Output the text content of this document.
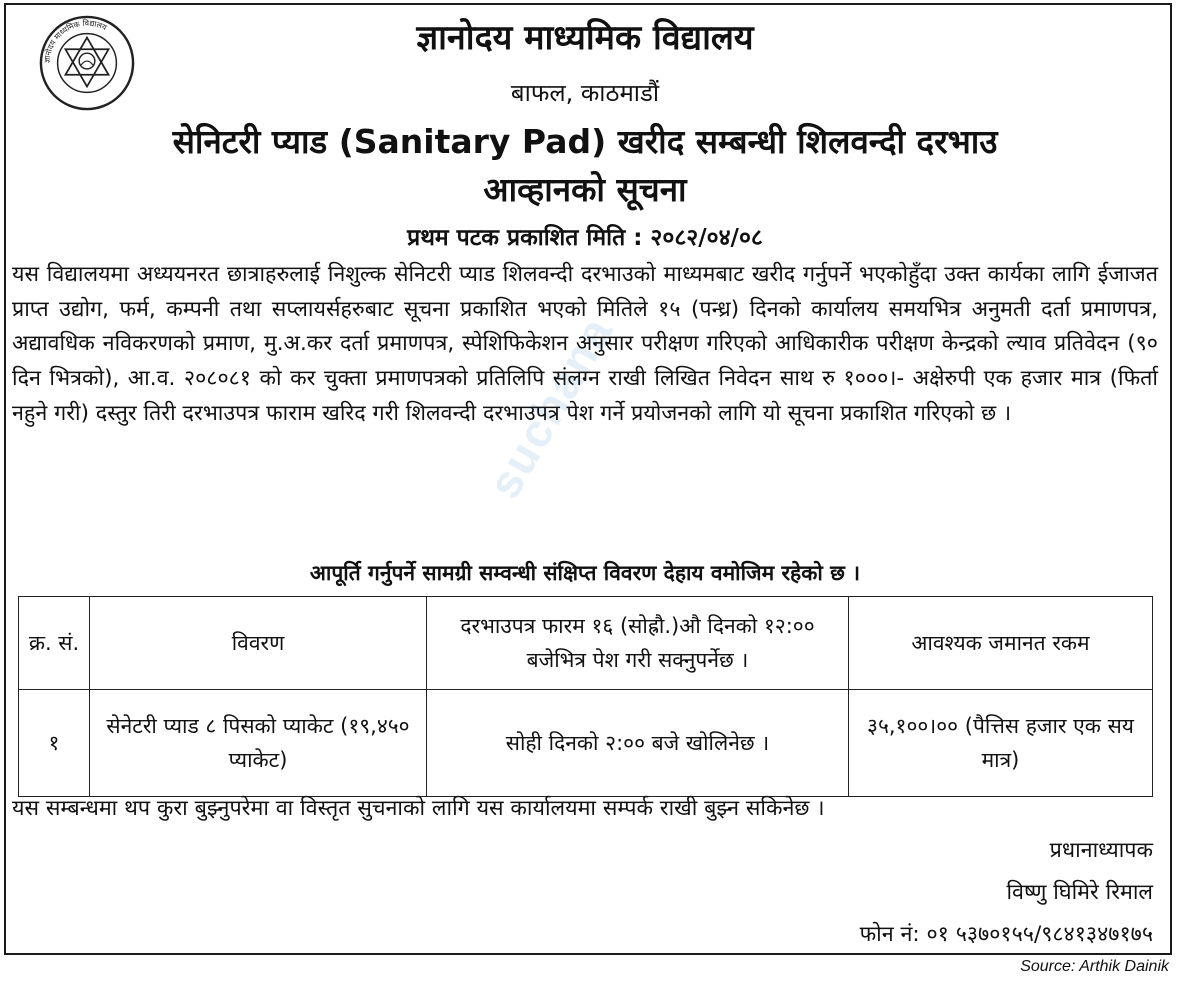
suchana
ज्ञानोदय माध्यमिक विद्यालय	ज्ञानोदय माध्यमिक विद्यालय
बाफल, काठमाडौं
सेनिटरी प्याड (Sanitary Pad) खरीद सम्बन्धी शिलवन्दी दरभाउ
आव्हानको सूचना
प्रथम पटक प्रकाशित मिति : २०८२/०४/०८

यस विद्यालयमा अध्ययनरत छात्राहरुलाई निशुल्क सेनिटरी प्याड शिलवन्दी दरभाउको माध्यमबाट खरीद गर्नुपर्ने भएकोहुँदा उक्त कार्यका लागि ईजाजत प्राप्त उद्योग, फर्म, कम्पनी तथा सप्लायर्सहरुबाट सूचना प्रकाशित भएको मितिले १५ (पन्ध्र) दिनको कार्यालय समयभित्र अनुमती दर्ता प्रमाणपत्र, अद्यावधिक नविकरणको प्रमाण, मु.अ.कर दर्ता प्रमाणपत्र, स्पेशिफिकेशन अनुसार परीक्षण गरिएको आधिकारीक परीक्षण केन्द्रको ल्याव प्रतिवेदन (९० दिन भित्रको), आ.व. २०८०८१ को कर चुक्ता प्रमाणपत्रको प्रतिलिपि संलग्न राखी लिखित निवेदन साथ रु १०००।- अक्षेरुपी एक हजार मात्र (फिर्ता नहुने गरी) दस्तुर तिरी दरभाउपत्र फाराम खरिद गरी शिलवन्दी दरभाउपत्र पेश गर्ने प्रयोजनको लागि यो सूचना प्रकाशित गरिएको छ ।

आपूर्ति गर्नुपर्ने सामग्री सम्वन्धी संक्षिप्त विवरण देहाय वमोजिम रहेको छ ।
क्र. सं.	विवरण	दरभाउपत्र फारम १६ (सोह्रौ.)औ दिनको १२:०० बजेभित्र पेश गरी सक्नुपर्नेछ ।	आवश्यक जमानत रकम
१	सेनेटरी प्याड ८ पिसको प्याकेट (१९,४५० प्याकेट)	सोही दिनको २:०० बजे खोलिनेछ ।	३५,१००।०० (पैत्तिस हजार एक सय मात्र)
यस सम्बन्धमा थप कुरा बुझ्नुपरेमा वा विस्तृत सुचनाको लागि यस कार्यालयमा सम्पर्क राखी बुझ्न सकिनेछ ।
प्रधानाध्यापक
विष्णु घिमिरे रिमाल
फोन नं: ०१ ५३७०१५५/९८४१३४७१७५
Source: Arthik Dainik
